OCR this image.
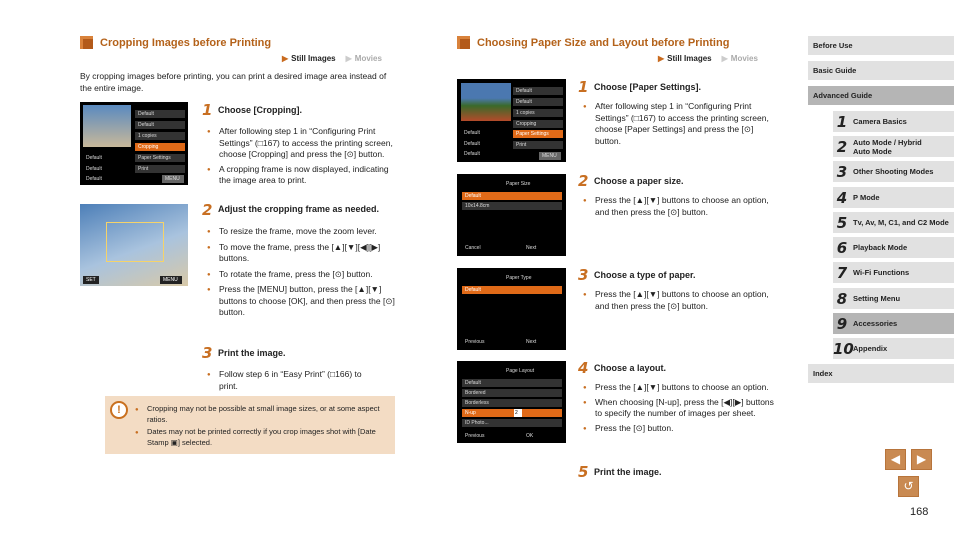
Cropping Images before Printing
▶ Still Images	▶ Movies
By cropping images before printing, you can print a desired image area instead of the entire image.
Default
Default
1 copies
Cropping
Paper Settings
Print
Default
Default
Default	MENU
SET	MENU
1 Choose [Cropping].
● After following step 1 in “Configuring Print Settings” (□167) to access the printing screen, choose [Cropping] and press the [⊙] button.
● A cropping frame is now displayed, indicating the image area to print.
2 Adjust the cropping frame as needed.
● To resize the frame, move the zoom lever.
● To move the frame, press the [▲][▼][◀][▶] buttons.
● To rotate the frame, press the [⊙] button.
● Press the [MENU] button, press the [▲][▼] buttons to choose [OK], and then press the [⊙] button.
3 Print the image.
● Follow step 6 in “Easy Print” (□166) to print.
!	● Cropping may not be possible at small image sizes, or at some aspect ratios.
● Dates may not be printed correctly if you crop images shot with [Date Stamp ▣] selected.
Choosing Paper Size and Layout before Printing
▶ Still Images	▶ Movies
Default
Default
1 copies
Cropping
Paper Settings
Print
Default
Default
Default	MENU
Paper Size
Default
10x14.8cm
Cancel	Next
Paper Type
Default
Previous	Next
Page Layout
Default
Bordered
Borderless
N-up	2
ID Photo...
Previous	OK
1 Choose [Paper Settings].
● After following step 1 in “Configuring Print Settings” (□167) to access the printing screen, choose [Paper Settings] and press the [⊙] button.
2 Choose a paper size.
● Press the [▲][▼] buttons to choose an option, and then press the [⊙] button.
3 Choose a type of paper.
● Press the [▲][▼] buttons to choose an option, and then press the [⊙] button.
4 Choose a layout.
● Press the [▲][▼] buttons to choose an option.
● When choosing [N-up], press the [◀][▶] buttons to specify the number of images per sheet.
● Press the [⊙] button.
5 Print the image.
Before Use
Basic Guide
Advanced Guide
1 Camera Basics
2 Auto Mode / Hybrid Auto Mode
3 Other Shooting Modes
4 P Mode
5 Tv, Av, M, C1, and C2 Mode
6 Playback Mode
7 Wi-Fi Functions
8 Setting Menu
9 Accessories
10 Appendix
Index
◀	▶
↺
168
